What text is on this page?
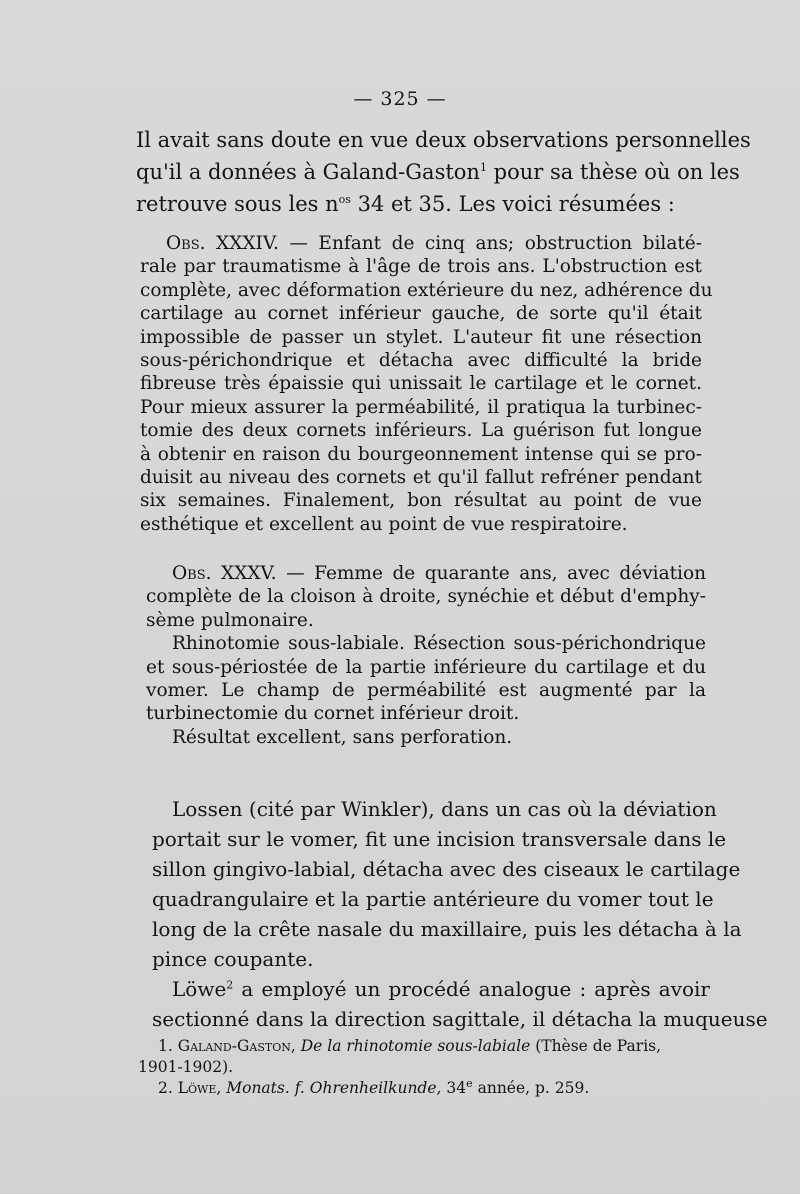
— 325 —
Il avait sans doute en vue deux observations personnelles
qu'il a données à Galand-Gaston$^1$ pour sa thèse où on les
retrouve sous les $n^{os}$ 34 et 35. Les voici résumées :
Obs. XXXIV. — Enfant de cinq ans; obstruction bilaté-
rale par traumatisme à l'âge de trois ans. L'obstruction est
complète, avec déformation extérieure du nez, adhérence du
cartilage au cornet inférieur gauche, de sorte qu'il était
impossible de passer un stylet. L'auteur fit une résection
sous-périchondrique et détacha avec difficulté la bride
fibreuse très épaissie qui unissait le cartilage et le cornet.
Pour mieux assurer la perméabilité, il pratiqua la turbinec-
tomie des deux cornets inférieurs. La guérison fut longue
à obtenir en raison du bourgeonnement intense qui se pro-
duisit au niveau des cornets et qu'il fallut refréner pendant
six semaines. Finalement, bon résultat au point de vue
esthétique et excellent au point de vue respiratoire.
Obs. XXXV. — Femme de quarante ans, avec déviation
complète de la cloison à droite, synéchie et début d'emphy-
sème pulmonaire.
Rhinotomie sous-labiale. Résection sous-périchondrique
et sous-périostée de la partie inférieure du cartilage et du
vomer. Le champ de perméabilité est augmenté par la
turbinectomie du cornet inférieur droit.
Résultat excellent, sans perforation.
Lossen (cité par Winkler), dans un cas où la déviation
portait sur le vomer, fit une incision transversale dans le
sillon gingivo-labial, détacha avec des ciseaux le cartilage
quadrangulaire et la partie antérieure du vomer tout le
long de la crête nasale du maxillaire, puis les détacha à la
pince coupante.
Löwe$^2$ a employé un procédé analogue : après avoir
sectionné dans la direction sagittale, il détacha la muqueuse
1. Galand-Gaston, De la rhinotomie sous-labiale (Thèse de Paris,
1901-1902).
2. Löwe, Monats. f. Ohrenheilkunde, 34e année, p. 259.
